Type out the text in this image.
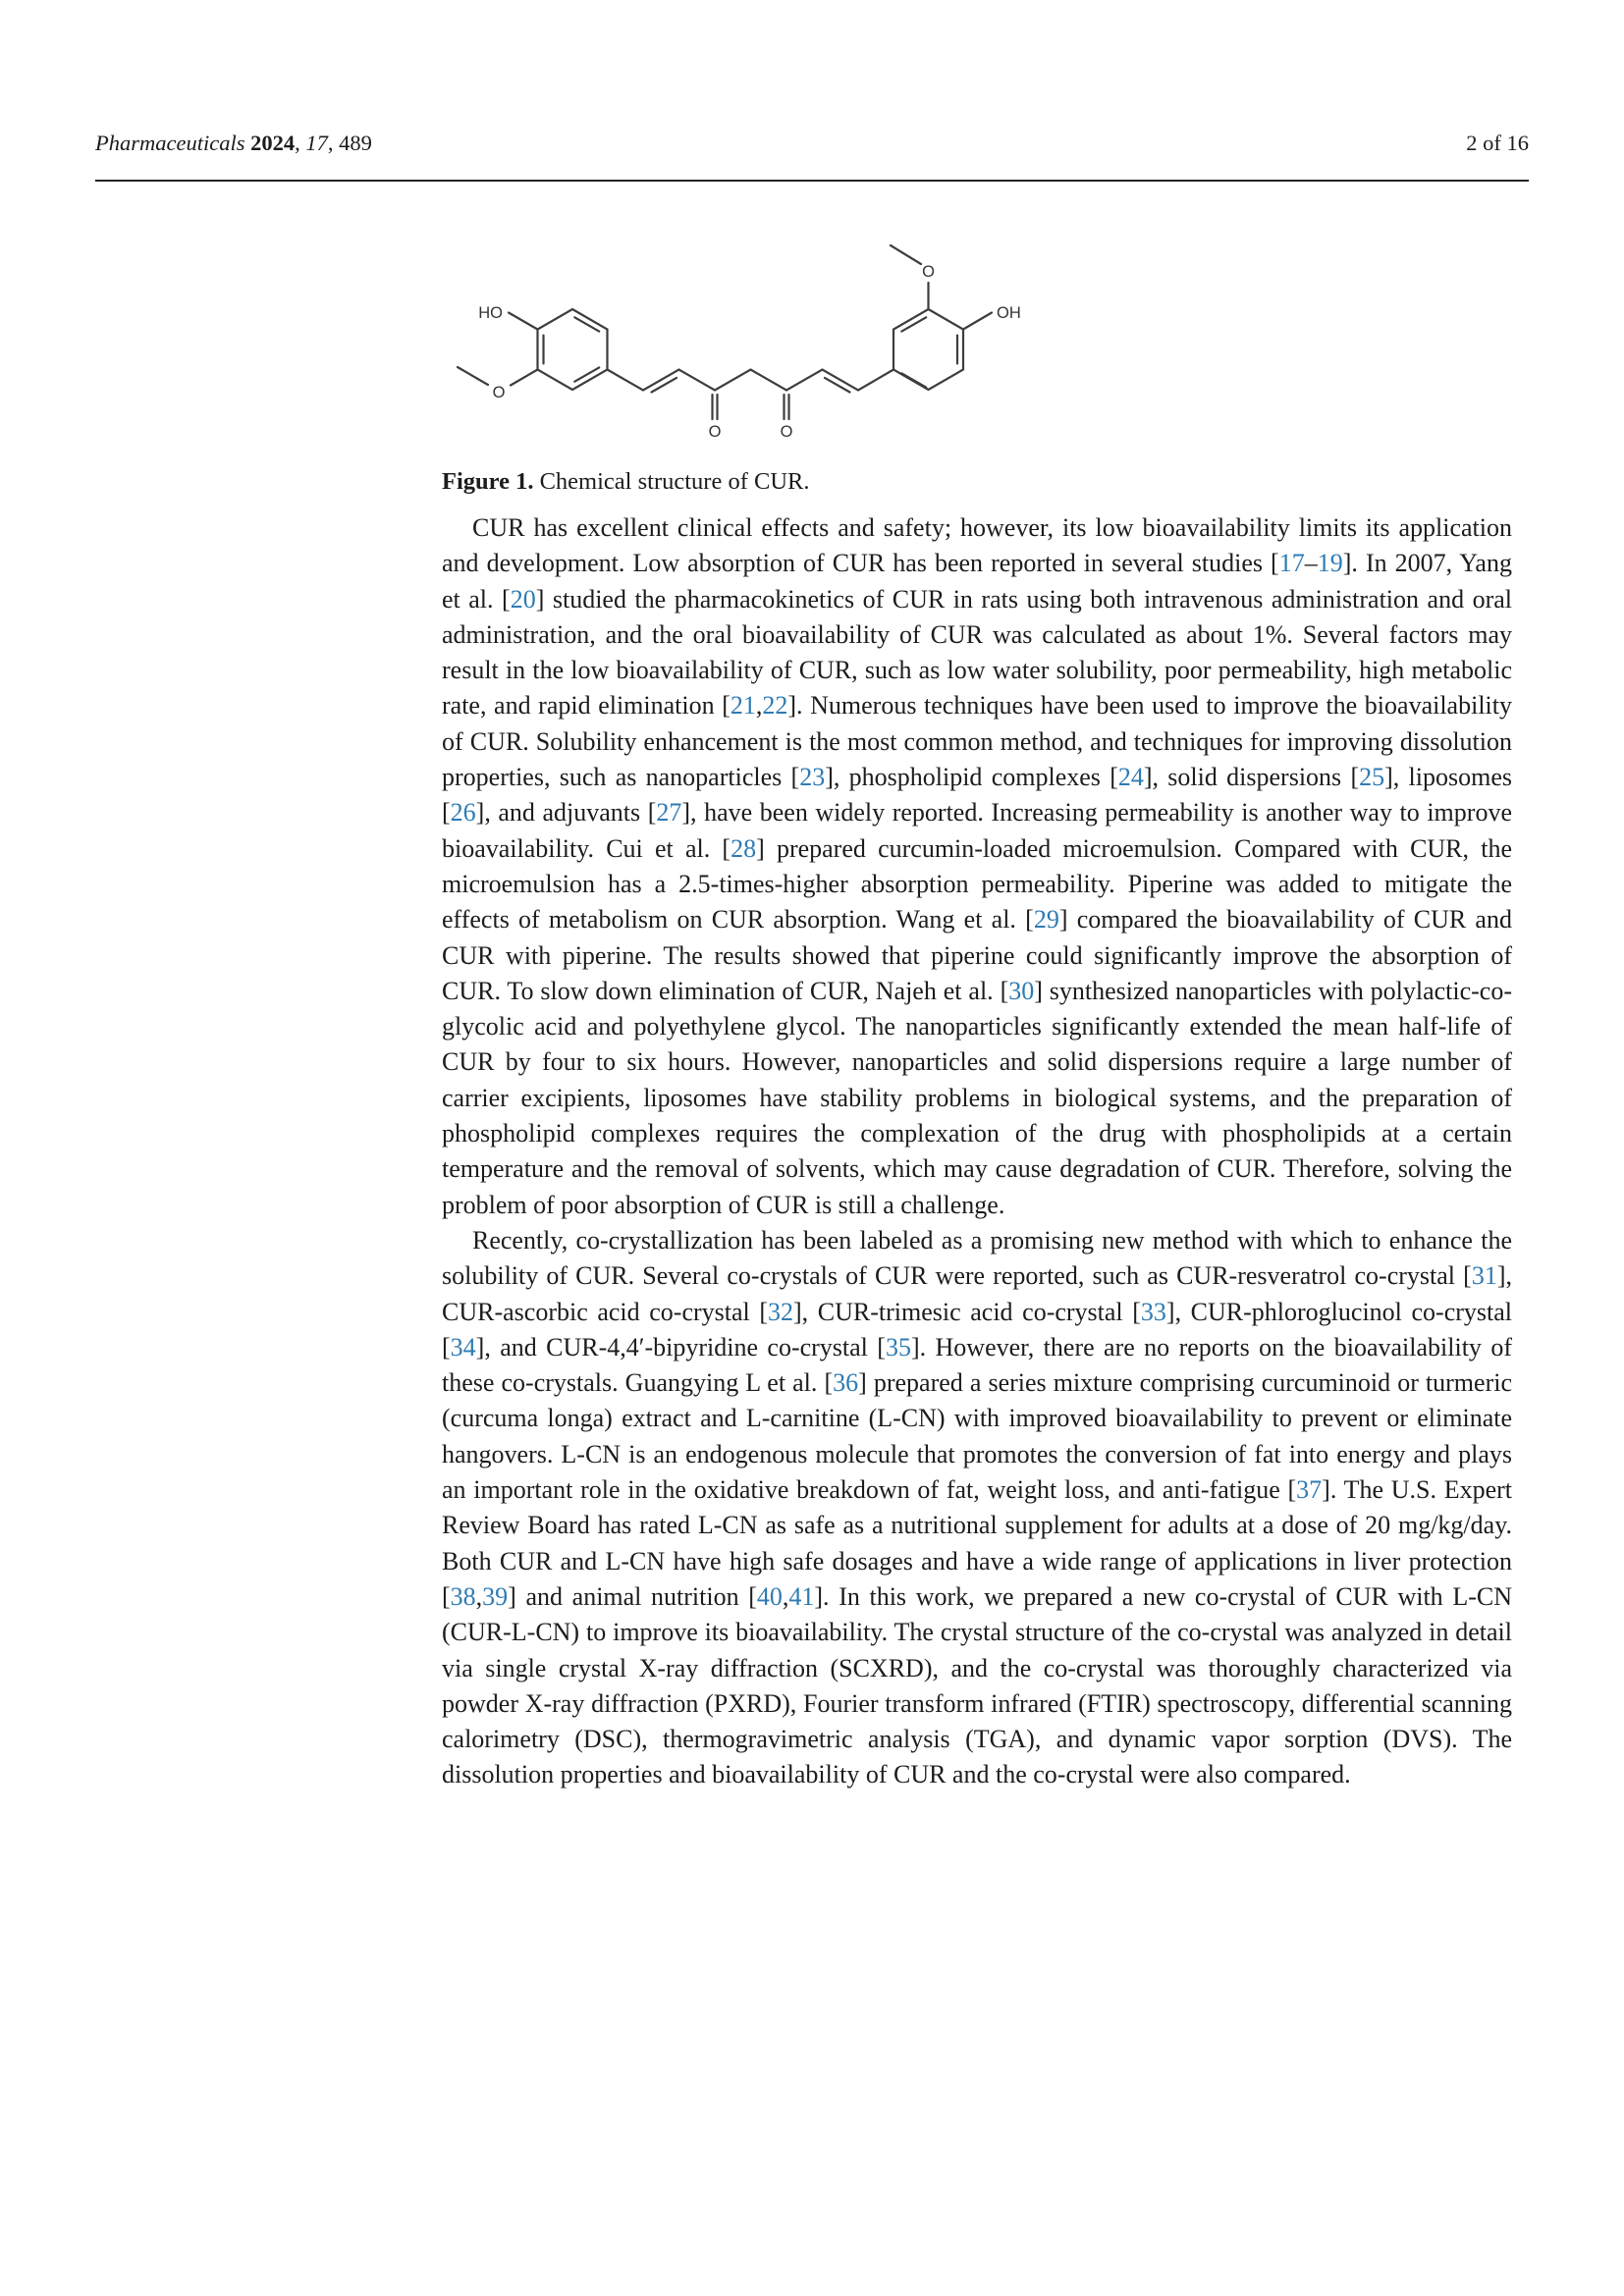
Pharmaceuticals 2024, 17, 489	2 of 16
HO
O
O	O
O
OH
Figure 1. Chemical structure of CUR.

CUR has excellent clinical effects and safety; however, its low bioavailability limits its application and development. Low absorption of CUR has been reported in several studies [17–19]. In 2007, Yang et al. [20] studied the pharmacokinetics of CUR in rats using both intravenous administration and oral administration, and the oral bioavailability of CUR was calculated as about 1%. Several factors may result in the low bioavailability of CUR, such as low water solubility, poor permeability, high metabolic rate, and rapid elimination [21,22]. Numerous techniques have been used to improve the bioavailability of CUR. Solubility enhancement is the most common method, and techniques for improving dissolution properties, such as nanoparticles [23], phospholipid complexes [24], solid dispersions [25], liposomes [26], and adjuvants [27], have been widely reported. Increasing permeability is another way to improve bioavailability. Cui et al. [28] prepared curcumin-loaded microemulsion. Compared with CUR, the microemulsion has a 2.5-times-higher absorption permeability. Piperine was added to mitigate the effects of metabolism on CUR absorption. Wang et al. [29] compared the bioavailability of CUR and CUR with piperine. The results showed that piperine could significantly improve the absorption of CUR. To slow down elimination of CUR, Najeh et al. [30] synthesized nanoparticles with polylactic-co-glycolic acid and polyethylene glycol. The nanoparticles significantly extended the mean half-life of CUR by four to six hours. However, nanoparticles and solid dispersions require a large number of carrier excipients, liposomes have stability problems in biological systems, and the preparation of phospholipid complexes requires the complexation of the drug with phospholipids at a certain temperature and the removal of solvents, which may cause degradation of CUR. Therefore, solving the problem of poor absorption of CUR is still a challenge.

Recently, co-crystallization has been labeled as a promising new method with which to enhance the solubility of CUR. Several co-crystals of CUR were reported, such as CUR-resveratrol co-crystal [31], CUR-ascorbic acid co-crystal [32], CUR-trimesic acid co-crystal [33], CUR-phloroglucinol co-crystal [34], and CUR-4,4′-bipyridine co-crystal [35]. However, there are no reports on the bioavailability of these co-crystals. Guangying L et al. [36] prepared a series mixture comprising curcuminoid or turmeric (curcuma longa) extract and L-carnitine (L-CN) with improved bioavailability to prevent or eliminate hangovers. L-CN is an endogenous molecule that promotes the conversion of fat into energy and plays an important role in the oxidative breakdown of fat, weight loss, and anti-fatigue [37]. The U.S. Expert Review Board has rated L-CN as safe as a nutritional supplement for adults at a dose of 20 mg/kg/day. Both CUR and L-CN have high safe dosages and have a wide range of applications in liver protection [38,39] and animal nutrition [40,41]. In this work, we prepared a new co-crystal of CUR with L-CN (CUR-L-CN) to improve its bioavailability. The crystal structure of the co-crystal was analyzed in detail via single crystal X-ray diffraction (SCXRD), and the co-crystal was thoroughly characterized via powder X-ray diffraction (PXRD), Fourier transform infrared (FTIR) spectroscopy, differential scanning calorimetry (DSC), thermogravimetric analysis (TGA), and dynamic vapor sorption (DVS). The dissolution properties and bioavailability of CUR and the co-crystal were also compared.
